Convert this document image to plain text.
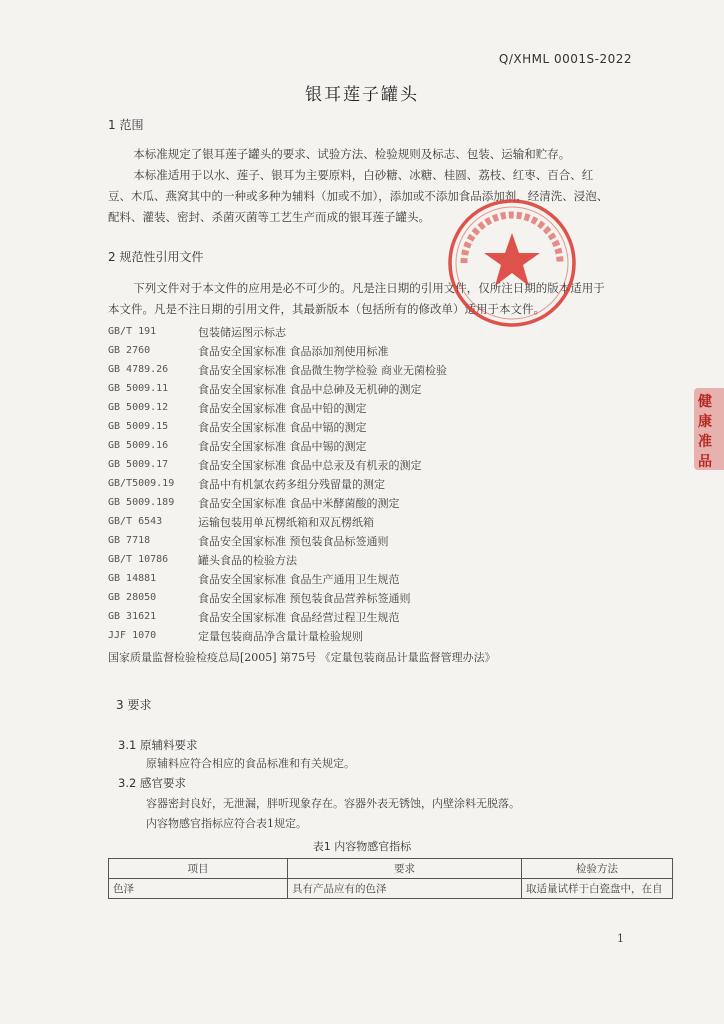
Q/XHML 0001S-2022
银耳莲子罐头
1 范围

本标准规定了银耳莲子罐头的要求、试验方法、检验规则及标志、包装、运输和贮存。

本标准适用于以水、莲子、银耳为主要原料，白砂糖、冰糖、桂圆、荔枝、红枣、百合、红豆、木瓜、燕窝其中的一种或多种为辅料（加或不加），添加或不添加食品添加剂，经清洗、浸泡、配料、灌装、密封、杀菌灭菌等工艺生产而成的银耳莲子罐头。

2 规范性引用文件

下列文件对于本文件的应用是必不可少的。凡是注日期的引用文件，仅所注日期的版本适用于本文件。凡是不注日期的引用文件，其最新版本（包括所有的修改单）适用于本文件。

GB/T 191	包装储运图示标志
GB 2760	食品安全国家标准 食品添加剂使用标准
GB 4789.26	食品安全国家标准 食品微生物学检验 商业无菌检验
GB 5009.11	食品安全国家标准 食品中总砷及无机砷的测定
GB 5009.12	食品安全国家标准 食品中铅的测定
GB 5009.15	食品安全国家标准 食品中镉的测定
GB 5009.16	食品安全国家标准 食品中锡的测定
GB 5009.17	食品安全国家标准 食品中总汞及有机汞的测定
GB/T5009.19	食品中有机氯农药多组分残留量的测定
GB 5009.189	食品安全国家标准 食品中米酵菌酸的测定
GB/T 6543	运输包装用单瓦楞纸箱和双瓦楞纸箱
GB 7718	食品安全国家标准 预包装食品标签通则
GB/T 10786	罐头食品的检验方法
GB 14881	食品安全国家标准 食品生产通用卫生规范
GB 28050	食品安全国家标准 预包装食品营养标签通则
GB 31621	食品安全国家标准 食品经营过程卫生规范
JJF 1070	定量包装商品净含量计量检验规则
国家质量监督检验检疫总局[2005] 第75号 《定量包装商品计量监督管理办法》
3 要求
3.1 原辅料要求
原辅料应符合相应的食品标准和有关规定。
3.2 感官要求
容器密封良好，无泄漏，胖听现象存在。容器外表无锈蚀，内壁涂料无脱落。
内容物感官指标应符合表1规定。
表1 内容物感官指标
项目	要求	检验方法
色泽	具有产品应有的色泽	取适量试样于白瓷盘中，在自
1
健康
准品
